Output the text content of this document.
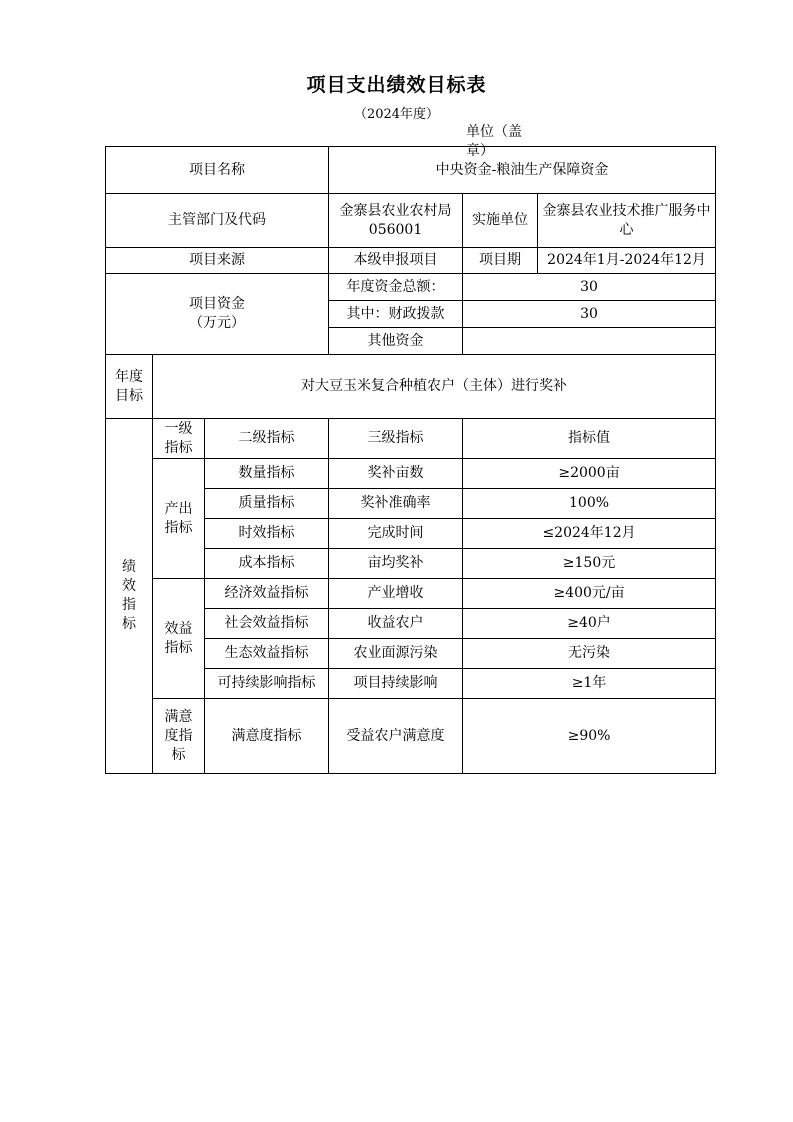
项目支出绩效目标表
（2024年度）
单位（盖章）
项目名称			中央资金-粮油生产保障资金		
主管部门及代码			金寨县农业农村局056001	实施单位	金寨县农业技术推广服务中心
项目来源			本级申报项目	项目期	2024年1月-2024年12月

项目资金（万元）			年度资金总额：	30	
			其中：财政拨款	30	
			其他资金		

年度目标	对大豆玉米复合种植农户（主体）进行奖补				

绩效指标	一级指标	二级指标	三级指标	指标值	

	产出指标	数量指标	奖补亩数	≥2000亩	
		质量指标	奖补准确率	100%	
		时效指标	完成时间	≤2024年12月	
		成本指标	亩均奖补	≥150元	

	效益指标	经济效益指标	产业增收	≥400元/亩	
		社会效益指标	收益农户	≥40户	
		生态效益指标	农业面源污染	无污染	
		可持续影响指标	项目持续影响	≥1年	

	满意度指标	满意度指标	受益农户满意度	≥90%	
